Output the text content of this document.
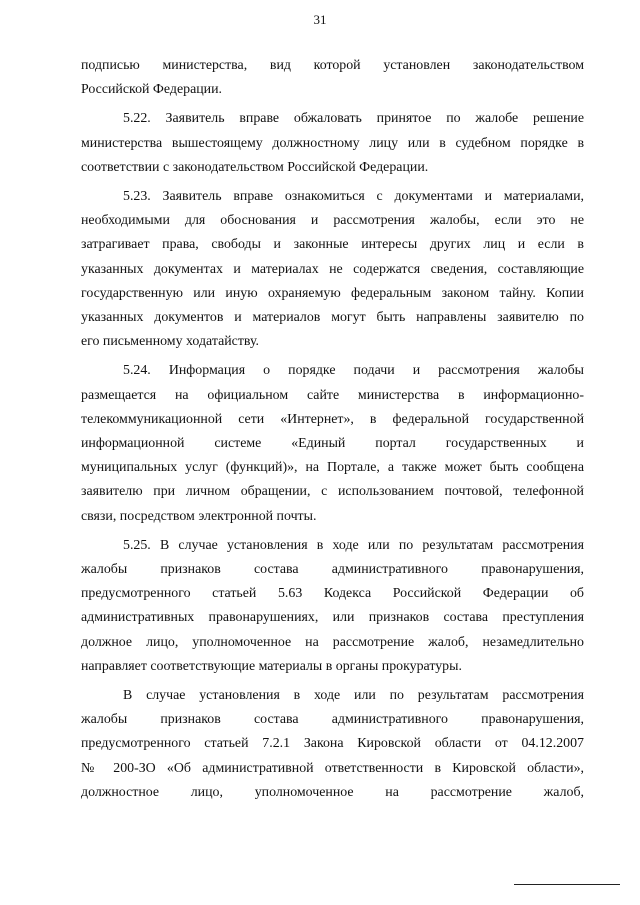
31
подписью министерства, вид которой установлен законодательством
Российской Федерации.
5.22. Заявитель вправе обжаловать принятое по жалобе решение
министерства вышестоящему должностному лицу или в судебном порядке в
соответствии с законодательством Российской Федерации.
5.23. Заявитель вправе ознакомиться с документами и материалами,
необходимыми для обоснования и рассмотрения жалобы, если это не
затрагивает права, свободы и законные интересы других лиц и если в
указанных документах и материалах не содержатся сведения, составляющие
государственную или иную охраняемую федеральным законом тайну. Копии
указанных документов и материалов могут быть направлены заявителю по
его письменному ходатайству.
5.24. Информация о порядке подачи и рассмотрения жалобы
размещается на официальном сайте министерства в информационно-
телекоммуникационной сети «Интернет», в федеральной государственной
информационной системе «Единый портал государственных и
муниципальных услуг (функций)», на Портале, а также может быть сообщена
заявителю при личном обращении, с использованием почтовой, телефонной
связи, посредством электронной почты.
5.25. В случае установления в ходе или по результатам рассмотрения
жалобы признаков состава административного правонарушения,
предусмотренного статьей 5.63 Кодекса Российской Федерации об
административных правонарушениях, или признаков состава преступления
должное лицо, уполномоченное на рассмотрение жалоб, незамедлительно
направляет соответствующие материалы в органы прокуратуры.
В случае установления в ходе или по результатам рассмотрения
жалобы признаков состава административного правонарушения,
предусмотренного статьей 7.2.1 Закона Кировской области от 04.12.2007
№ 200-ЗО «Об административной ответственности в Кировской области»,
должностное лицо, уполномоченное на рассмотрение жалоб,
